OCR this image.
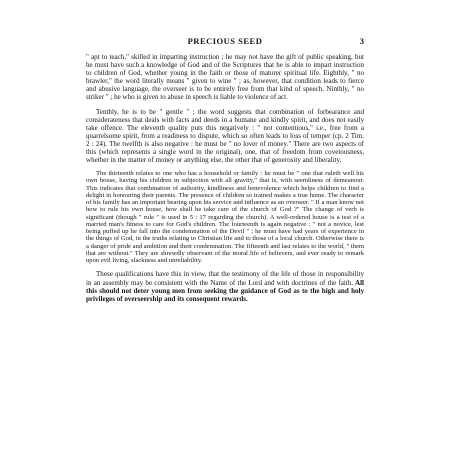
PRECIOUS SEED	3

" apt to teach," skilled in imparting instruction ; he may not have the gift of public speaking, but he must have such a knowledge of God and of the Scriptures that he is able to impart instruction to children of God, whether young in the faith or those of maturer spiritual life. Eighthly, " no brawler," the word literally means " given to wine " ; as, however, that condition leads to fierce and abusive language, the overseer is to be entirely free from that kind of speech. Ninthly, " no striker " ; he who is given to abuse in speech is liable to violence of act.

Tenthly, he is to be " gentle " ; the word suggests that combination of forbearance and considerateness that deals with facts and deeds in a humane and kindly spirit, and does not easily take offence. The eleventh quality puts this negatively : " not contentious," i.e., free from a quarrelsome spirit, from a readiness to dispute, which so often leads to loss of temper (cp. 2 Tim. 2 : 24). The twelfth is also negative : he must be " no lover of money." There are two aspects of this (which represents a single word in the original), one, that of freedom from covetousness, whether in the matter of money or anything else, the other that of generosity and liberality.

The thirteenth relates to one who has a household or family : he must be " one that ruleth well his own house, having his children in subjection with all gravity," that is, with seemliness of demeanour. This indicates that combination of authority, kindliness and benevolence which helps children to find a delight in honouring their parents. The presence of children so trained makes a true home. The character of his family has an important bearing upon his service and influence as an overseer. " If a man know not how to rule his own house, how shall he take care of the church of God ?" The change of verb is significant (though " rule " is used in 5 : 17 regarding the church). A well-ordered house is a test of a married man's fitness to care for God's children. The fourteenth is again negative : " not a novice, lest being puffed up he fall into the condemnation of the Devil " ; he must have had years of experience in the things of God, in the truths relating to Christian life and to those of a local church. Otherwise there is a danger of pride and ambition and their condemnation. The fifteenth and last relates to the world, " them that are without." They are shrewdly observant of the moral life of believers, and ever ready to remark upon evil living, slackness and unreliability.

These qualifications have this in view, that the testimony of the life of those in responsibility in an assembly may be consistent with the Name of the Lord and with doctrines of the faith. All this should not deter young men from seeking the guidance of God as to the high and holy privileges of overseership and its consequent rewards.
